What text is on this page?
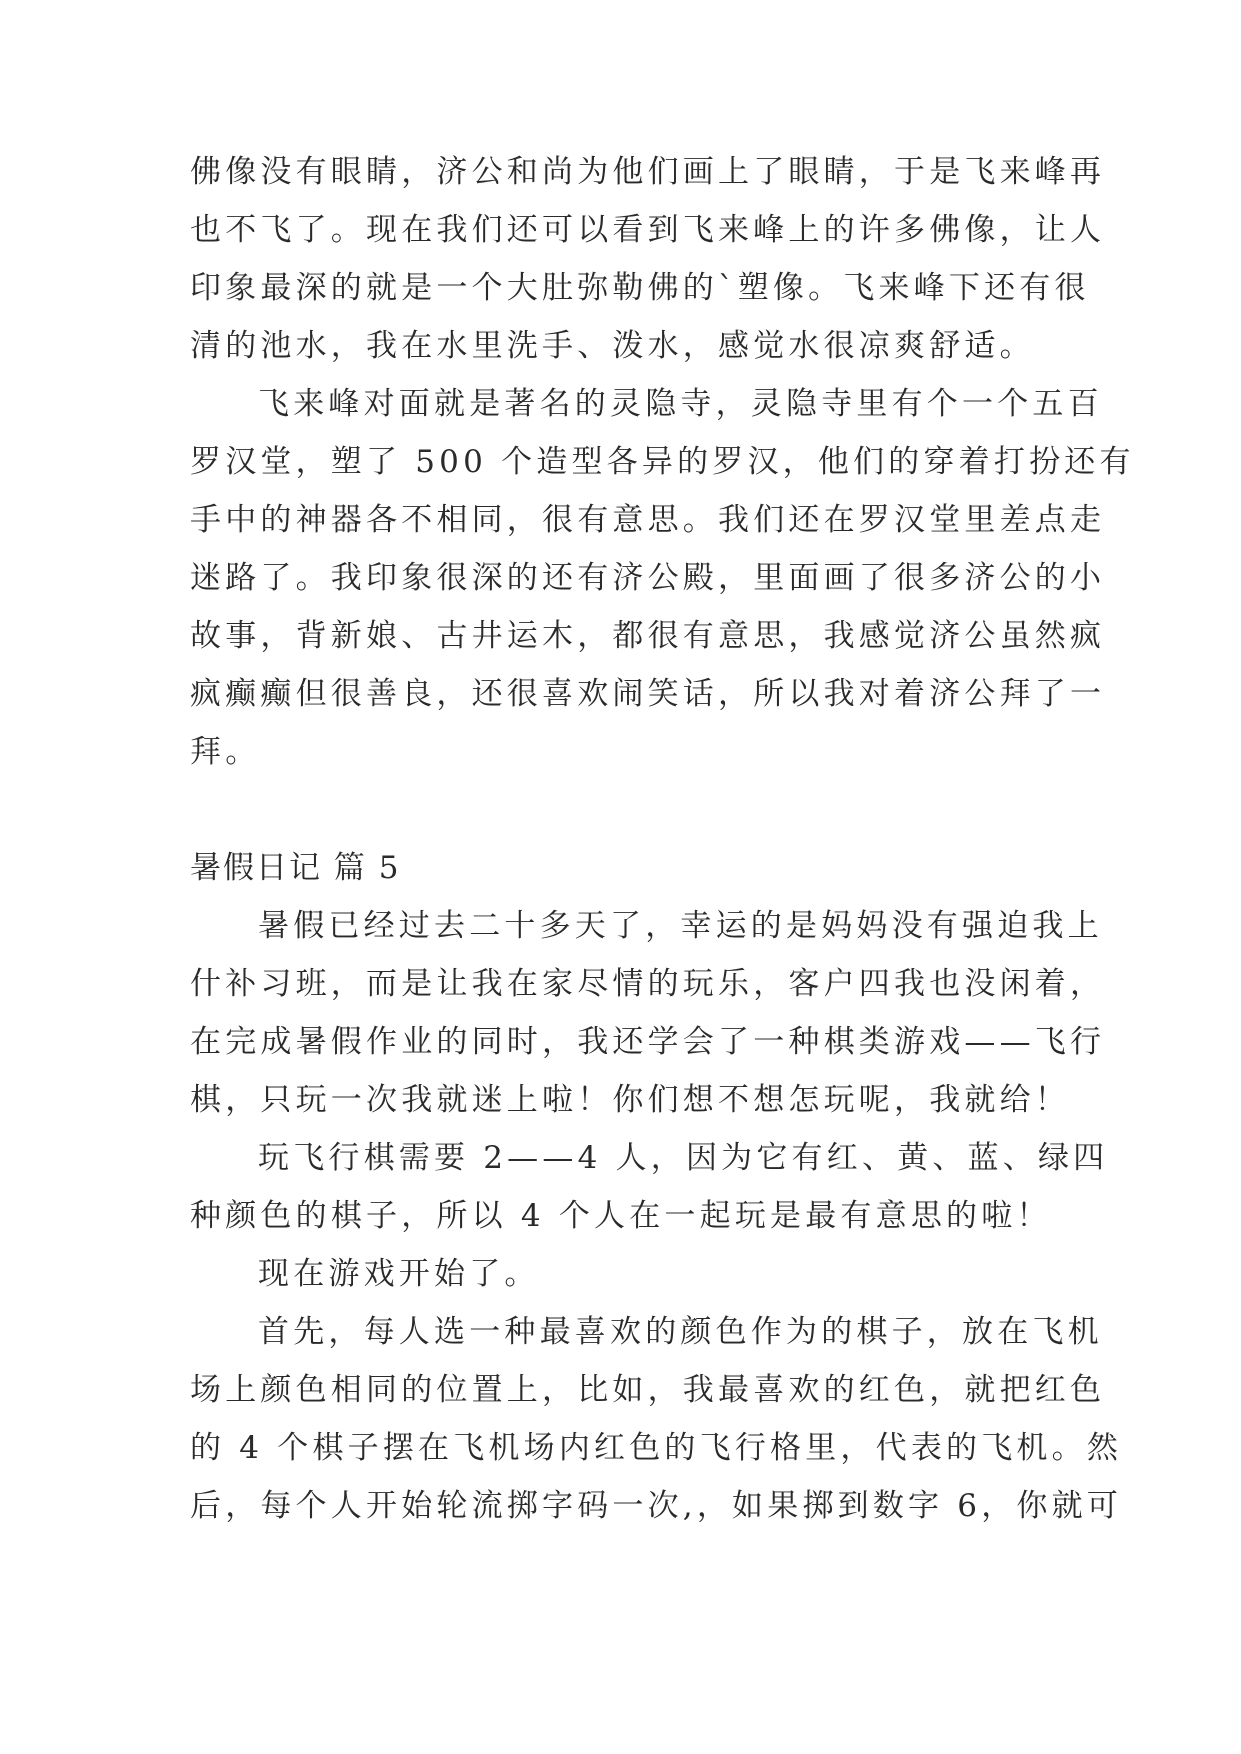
佛像没有眼睛，济公和尚为他们画上了眼睛，于是飞来峰再
也不飞了。现在我们还可以看到飞来峰上的许多佛像，让人
印象最深的就是一个大肚弥勒佛的`塑像。飞来峰下还有很
清的池水，我在水里洗手、泼水，感觉水很凉爽舒适。
飞来峰对面就是著名的灵隐寺，灵隐寺里有个一个五百
罗汉堂，塑了 500 个造型各异的罗汉，他们的穿着打扮还有
手中的神器各不相同，很有意思。我们还在罗汉堂里差点走
迷路了。我印象很深的还有济公殿，里面画了很多济公的小
故事，背新娘、古井运木，都很有意思，我感觉济公虽然疯
疯癫癫但很善良，还很喜欢闹笑话，所以我对着济公拜了一
拜。
暑假日记 篇 5
暑假已经过去二十多天了，幸运的是妈妈没有强迫我上
什补习班，而是让我在家尽情的玩乐，客户四我也没闲着，
在完成暑假作业的同时，我还学会了一种棋类游戏——飞行
棋，只玩一次我就迷上啦！你们想不想怎玩呢，我就给！
玩飞行棋需要 2——4 人，因为它有红、黄、蓝、绿四
种颜色的棋子，所以 4 个人在一起玩是最有意思的啦！
现在游戏开始了。
首先，每人选一种最喜欢的颜色作为的棋子，放在飞机
场上颜色相同的位置上，比如，我最喜欢的红色，就把红色
的 4 个棋子摆在飞机场内红色的飞行格里，代表的飞机。然
后，每个人开始轮流掷字码一次,，如果掷到数字 6，你就可
